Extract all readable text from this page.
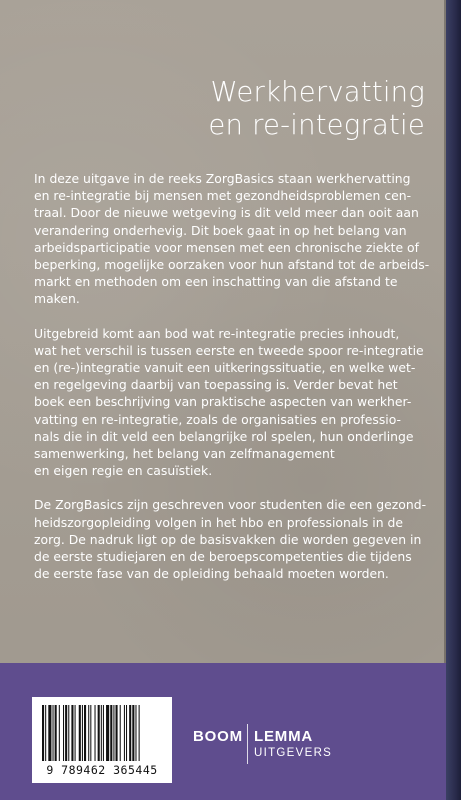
Werkhervatting
en re-integratie
In deze uitgave in de reeks ZorgBasics staan werkhervatting
en re-integratie bij mensen met gezondheidsproblemen cen-
traal. Door de nieuwe wetgeving is dit veld meer dan ooit aan
verandering onderhevig. Dit boek gaat in op het belang van
arbeidsparticipatie voor mensen met een chronische ziekte of
beperking, mogelijke oorzaken voor hun afstand tot de arbeids-
markt en methoden om een inschatting van die afstand te
maken.
Uitgebreid komt aan bod wat re-integratie precies inhoudt,
wat het verschil is tussen eerste en tweede spoor re-integratie
en (re-)integratie vanuit een uitkeringssituatie, en welke wet-
en regelgeving daarbij van toepassing is. Verder bevat het
boek een beschrijving van praktische aspecten van werkher-
vatting en re-integratie, zoals de organisaties en professio-
nals die in dit veld een belangrijke rol spelen, hun onderlinge
samenwerking, het belang van zelfmanagement
en eigen regie en casuïstiek.
De ZorgBasics zijn geschreven voor studenten die een gezond-
heidszorgopleiding volgen in het hbo en professionals in de
zorg. De nadruk ligt op de basisvakken die worden gegeven in
de eerste studiejaren en de beroepscompetenties die tijdens
de eerste fase van de opleiding behaald moeten worden.
9 789462 365445
BOOM LEMMA
UITGEVERS
